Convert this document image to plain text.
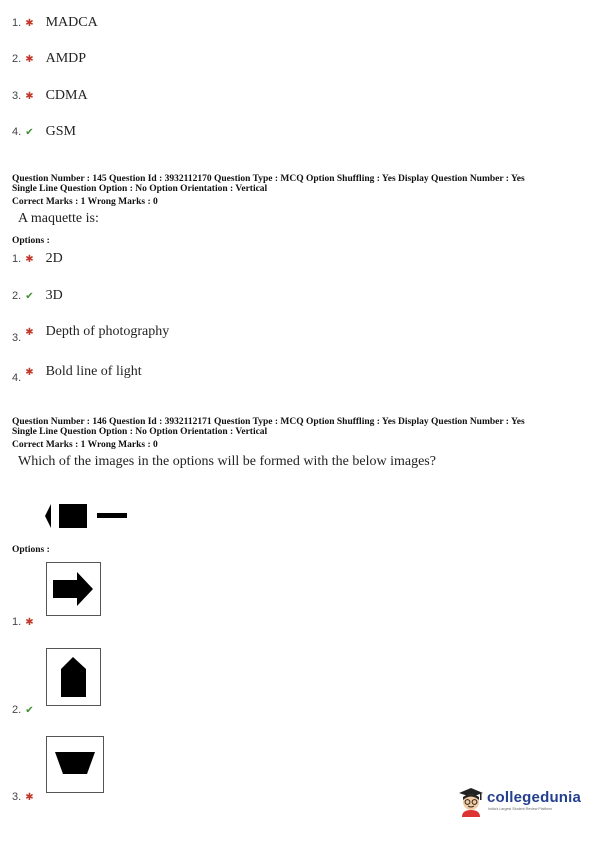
1. ✱ MADCA
2. ✱ AMDP
3. ✱ CDMA
4. ✔ GSM
Question Number : 145 Question Id : 3932112170 Question Type : MCQ Option Shuffling : Yes Display Question Number : Yes
Single Line Question Option : No Option Orientation : Vertical
Correct Marks : 1 Wrong Marks : 0
A maquette is:
Options :
1. ✱ 2D
2. ✔ 3D
$_{3.}$ ✱ Depth of photography
$_{4.}$ ✱ Bold line of light
Question Number : 146 Question Id : 3932112171 Question Type : MCQ Option Shuffling : Yes Display Question Number : Yes
Single Line Question Option : No Option Orientation : Vertical
Correct Marks : 1 Wrong Marks : 0
Which of the images in the options will be formed with the below images?
Options :
1. ✱
2. ✔
3. ✱	collegedunia
India's Largest Student Review Platform
